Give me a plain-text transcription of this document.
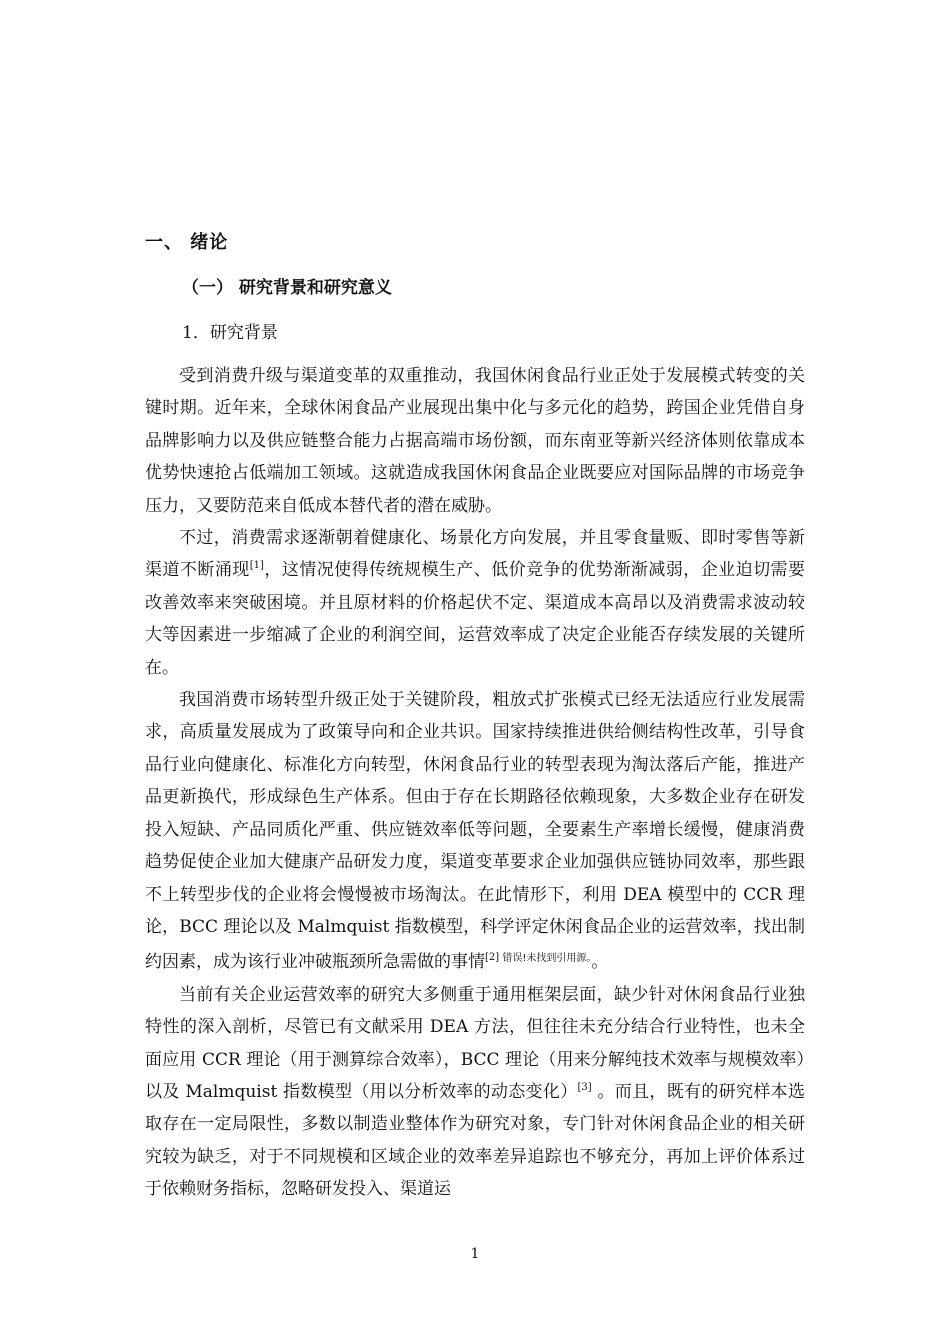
一、 绪论
（一） 研究背景和研究意义
1．研究背景

受到消费升级与渠道变革的双重推动，我国休闲食品行业正处于发展模式转变的关键时期。近年来，全球休闲食品产业展现出集中化与多元化的趋势，跨国企业凭借自身品牌影响力以及供应链整合能力占据高端市场份额，而东南亚等新兴经济体则依靠成本优势快速抢占低端加工领域。这就造成我国休闲食品企业既要应对国际品牌的市场竞争压力，又要防范来自低成本替代者的潜在威胁。

不过，消费需求逐渐朝着健康化、场景化方向发展，并且零食量贩、即时零售等新渠道不断涌现[1]，这情况使得传统规模生产、低价竞争的优势渐渐减弱，企业迫切需要改善效率来突破困境。并且原材料的价格起伏不定、渠道成本高昂以及消费需求波动较大等因素进一步缩减了企业的利润空间，运营效率成了决定企业能否存续发展的关键所在。

我国消费市场转型升级正处于关键阶段，粗放式扩张模式已经无法适应行业发展需求，高质量发展成为了政策导向和企业共识。国家持续推进供给侧结构性改革，引导食品行业向健康化、标准化方向转型，休闲食品行业的转型表现为淘汰落后产能，推进产品更新换代，形成绿色生产体系。但由于存在长期路径依赖现象，大多数企业存在研发投入短缺、产品同质化严重、供应链效率低等问题，全要素生产率增长缓慢，健康消费趋势促使企业加大健康产品研发力度，渠道变革要求企业加强供应链协同效率，那些跟不上转型步伐的企业将会慢慢被市场淘汰。在此情形下，利用 DEA 模型中的 CCR 理论，BCC 理论以及 Malmquist 指数模型，科学评定休闲食品企业的运营效率，找出制约因素，成为该行业冲破瓶颈所急需做的事情[2] $^{错误!未找到引用源。}$。

当前有关企业运营效率的研究大多侧重于通用框架层面，缺少针对休闲食品行业独特性的深入剖析，尽管已有文献采用 DEA 方法，但往往未充分结合行业特性，也未全面应用 CCR 理论（用于测算综合效率），BCC 理论（用来分解纯技术效率与规模效率）以及 Malmquist 指数模型（用以分析效率的动态变化）[3] 。而且，既有的研究样本选取存在一定局限性，多数以制造业整体作为研究对象，专门针对休闲食品企业的相关研究较为缺乏，对于不同规模和区域企业的效率差异追踪也不够充分，再加上评价体系过于依赖财务指标，忽略研发投入、渠道运

1
